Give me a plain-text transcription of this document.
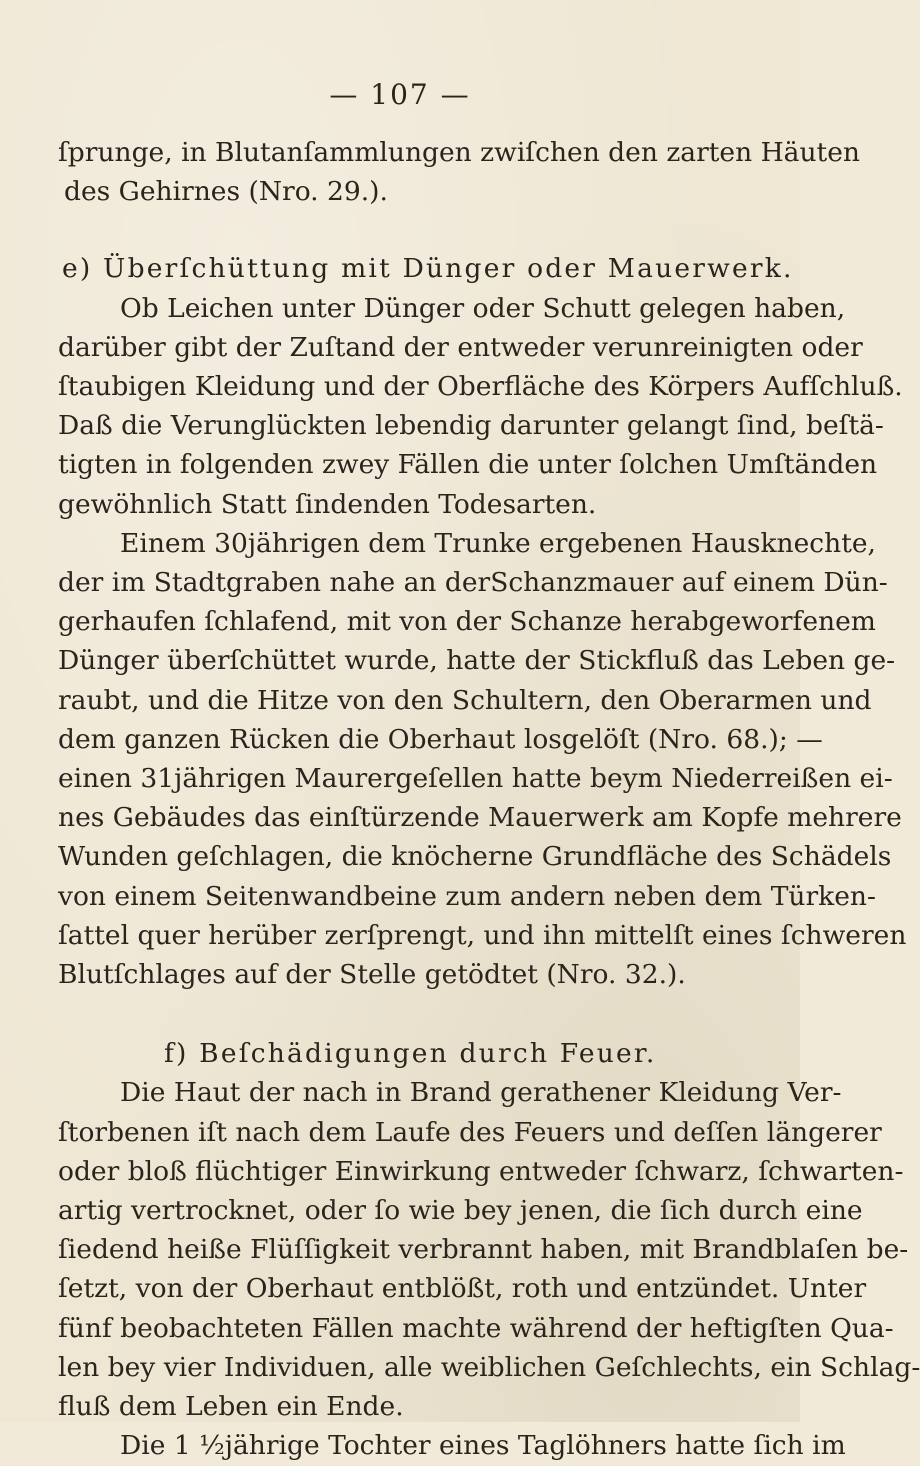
— 107 —
ſprunge, in Blutanſammlungen zwiſchen den zarten Häuten
des Gehirnes (Nro. 29.).
e) Überſchüttung mit Dünger oder Mauerwerk.
Ob Leichen unter Dünger oder Schutt gelegen haben,
darüber gibt der Zuſtand der entweder verunreinigten oder
ſtaubigen Kleidung und der Oberfläche des Körpers Aufſchluß.
Daß die Verunglückten lebendig darunter gelangt ſind, beſtä-
tigten in folgenden zwey Fällen die unter ſolchen Umſtänden
gewöhnlich Statt ſindenden Todesarten.
Einem 30jährigen dem Trunke ergebenen Hausknechte,
der im Stadtgraben nahe an derSchanzmauer auf einem Dün-
gerhaufen ſchlafend, mit von der Schanze herabgeworfenem
Dünger überſchüttet wurde, hatte der Stickfluß das Leben ge-
raubt, und die Hitze von den Schultern, den Oberarmen und
dem ganzen Rücken die Oberhaut losgelöſt (Nro. 68.); —
einen 31jährigen Maurergeſellen hatte beym Niederreißen ei-
nes Gebäudes das einſtürzende Mauerwerk am Kopfe mehrere
Wunden geſchlagen, die knöcherne Grundfläche des Schädels
von einem Seitenwandbeine zum andern neben dem Türken-
ſattel quer herüber zerſprengt, und ihn mittelſt eines ſchweren
Blutſchlages auf der Stelle getödtet (Nro. 32.).
f) Beſchädigungen durch Feuer.
Die Haut der nach in Brand gerathener Kleidung Ver-
ſtorbenen iſt nach dem Laufe des Feuers und deſſen längerer
oder bloß flüchtiger Einwirkung entweder ſchwarz, ſchwarten-
artig vertrocknet, oder ſo wie bey jenen, die ſich durch eine
ſiedend heiße Flüſſigkeit verbrannt haben, mit Brandblaſen be-
ſetzt, von der Oberhaut entblößt, roth und entzündet. Unter
fünf beobachteten Fällen machte während der heftigſten Qua-
len bey vier Individuen, alle weiblichen Geſchlechts, ein Schlag-
fluß dem Leben ein Ende.
Die 1 ½jährige Tochter eines Taglöhners hatte ſich im
